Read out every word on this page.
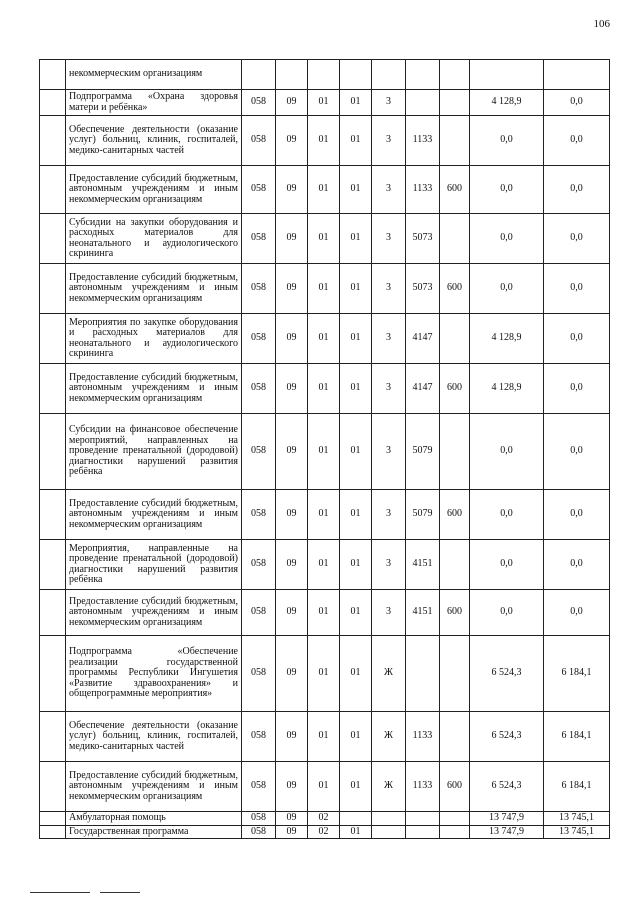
106
	некоммерческим организациям									
	Подпрограмма «Охрана здоровья матери и ребёнка»	058	09	01	01	3			4 128,9	0,0
	Обеспечение деятельности (оказание услуг) больниц, клиник, госпиталей, медико-санитарных частей	058	09	01	01	3	1133		0,0	0,0
	Предоставление субсидий бюджетным, автономным учреждениям и иным некоммерческим организациям	058	09	01	01	3	1133	600	0,0	0,0
	Субсидии на закупки оборудования и расходных материалов для неонатального и аудиологического скрининга	058	09	01	01	3	5073		0,0	0,0
	Предоставление субсидий бюджетным, автономным учреждениям и иным некоммерческим организациям	058	09	01	01	3	5073	600	0,0	0,0
	Мероприятия по закупке оборудования и расходных материалов для неонатального и аудиологического скрининга	058	09	01	01	3	4147		4 128,9	0,0
	Предоставление субсидий бюджетным, автономным учреждениям и иным некоммерческим организациям	058	09	01	01	3	4147	600	4 128,9	0,0
	Субсидии на финансовое обеспечение мероприятий, направленных на проведение пренатальной (дородовой) диагностики нарушений развития ребёнка	058	09	01	01	3	5079		0,0	0,0
	Предоставление субсидий бюджетным, автономным учреждениям и иным некоммерческим организациям	058	09	01	01	3	5079	600	0,0	0,0
	Мероприятия, направленные на проведение пренатальной (дородовой) диагностики нарушений развития ребёнка	058	09	01	01	3	4151		0,0	0,0
	Предоставление субсидий бюджетным, автономным учреждениям и иным некоммерческим организациям	058	09	01	01	3	4151	600	0,0	0,0
	Подпрограмма «Обеспечение реализации государственной программы Республики Ингушетия «Развитие здравоохранения» и общепрограммные мероприятия»	058	09	01	01	Ж			6 524,3	6 184,1
	Обеспечение деятельности (оказание услуг) больниц, клиник, госпиталей, медико-санитарных частей	058	09	01	01	Ж	1133		6 524,3	6 184,1
	Предоставление субсидий бюджетным, автономным учреждениям и иным некоммерческим организациям	058	09	01	01	Ж	1133	600	6 524,3	6 184,1
	Амбулаторная помощь	058	09	02					13 747,9	13 745,1
	Государственная программа	058	09	02	01				13 747,9	13 745,1
